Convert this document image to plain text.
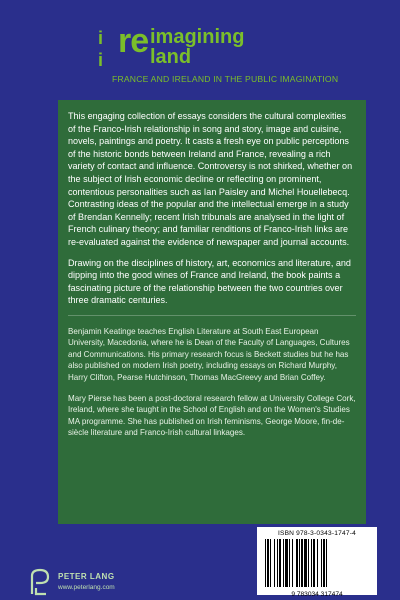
i re
i
imagining
land
FRANCE AND IRELAND IN THE PUBLIC IMAGINATION

This engaging collection of essays considers the cultural complexities of the Franco-Irish relationship in song and story, image and cuisine, novels, paintings and poetry. It casts a fresh eye on public perceptions of the historic bonds between Ireland and France, revealing a rich variety of contact and influence. Controversy is not shirked, whether on the subject of Irish economic decline or reflecting on prominent, contentious personalities such as Ian Paisley and Michel Houellebecq. Contrasting ideas of the popular and the intellectual emerge in a study of Brendan Kennelly; recent Irish tribunals are analysed in the light of French culinary theory; and familiar renditions of Franco-Irish links are re-evaluated against the evidence of newspaper and journal accounts.

Drawing on the disciplines of history, art, economics and literature, and dipping into the good wines of France and Ireland, the book paints a fascinating picture of the relationship between the two countries over three dramatic centuries.

Benjamin Keatinge teaches English Literature at South East European University, Macedonia, where he is Dean of the Faculty of Languages, Cultures and Communications. His primary research focus is Beckett studies but he has also published on modern Irish poetry, including essays on Richard Murphy, Harry Clifton, Pearse Hutchinson, Thomas MacGreevy and Brian Coffey.

Mary Pierse has been a post-doctoral research fellow at University College Cork, Ireland, where she taught in the School of English and on the Women's Studies MA programme. She has published on Irish feminisms, George Moore, fin-de-siècle literature and Franco-Irish cultural linkages.

PETER LANG
www.peterlang.com
ISBN 978-3-0343-1747-4
9 783034 317474
